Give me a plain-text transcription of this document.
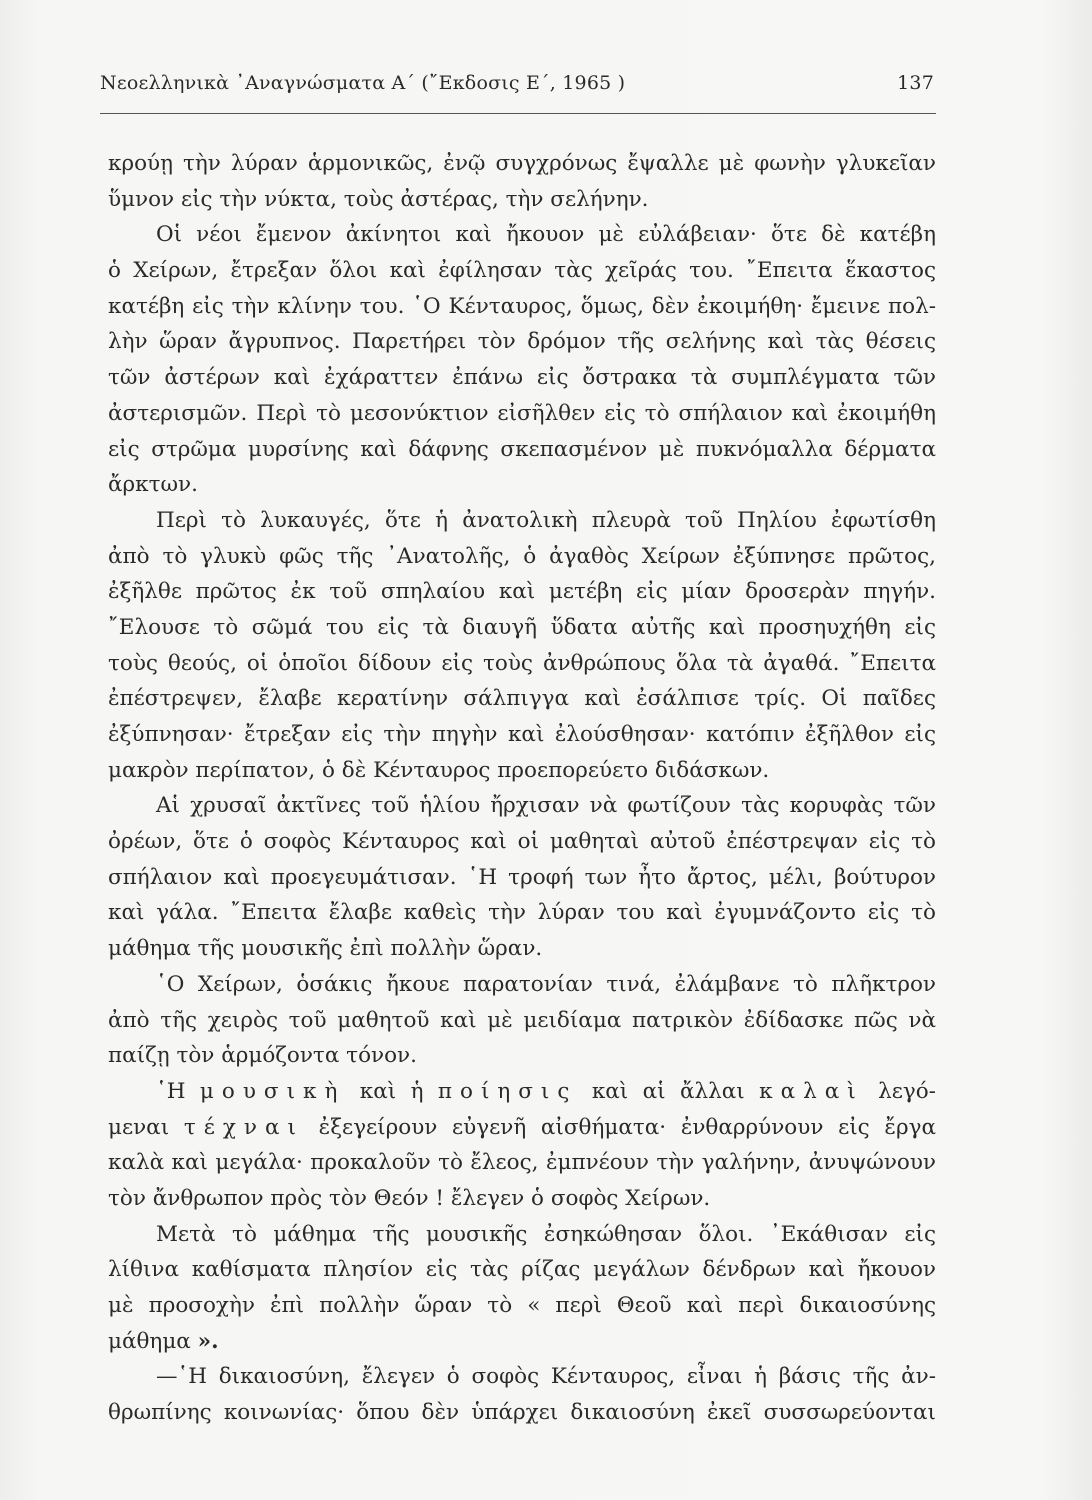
Νεοελληνικὰ ᾿Αναγνώσματα Α΄ (῎Εκδοσις Ε΄, 1965 )	137
κρούῃ τὴν λύραν ἁρμονικῶς, ἐνῷ συγχρόνως ἔψαλλε μὲ φωνὴν γλυκεῖαν
ὕμνον εἰς τὴν νύκτα, τοὺς ἀστέρας, τὴν σελήνην.
Οἱ νέοι ἔμενον ἀκίνητοι καὶ ἤκουον μὲ εὐλάβειαν· ὅτε δὲ κατέβη
ὁ Χείρων, ἔτρεξαν ὅλοι καὶ ἐφίλησαν τὰς χεῖράς του. ῎Επειτα ἕκαστος
κατέβη εἰς τὴν κλίνην του. ῾Ο Κένταυρος, ὅμως, δὲν ἐκοιμήθη· ἔμεινε πολ-
λὴν ὥραν ἄγρυπνος. Παρετήρει τὸν δρόμον τῆς σελήνης καὶ τὰς θέσεις
τῶν ἀστέρων καὶ ἐχάραττεν ἐπάνω εἰς ὄστρακα τὰ συμπλέγματα τῶν
ἀστερισμῶν. Περὶ τὸ μεσονύκτιον εἰσῆλθεν εἰς τὸ σπήλαιον καὶ ἐκοιμήθη
εἰς στρῶμα μυρσίνης καὶ δάφνης σκεπασμένον μὲ πυκνόμαλλα δέρματα
ἄρκτων.
Περὶ τὸ λυκαυγές, ὅτε ἡ ἀνατολικὴ πλευρὰ τοῦ Πηλίου ἐφωτίσθη
ἀπὸ τὸ γλυκὺ φῶς τῆς ᾿Ανατολῆς, ὁ ἀγαθὸς Χείρων ἐξύπνησε πρῶτος,
ἐξῆλθε πρῶτος ἐκ τοῦ σπηλαίου καὶ μετέβη εἰς μίαν δροσερὰν πηγήν.
῎Ελουσε τὸ σῶμά του εἰς τὰ διαυγῆ ὕδατα αὐτῆς καὶ προσηυχήθη εἰς
τοὺς θεούς, οἱ ὁποῖοι δίδουν εἰς τοὺς ἀνθρώπους ὅλα τὰ ἀγαθά. ῎Επειτα
ἐπέστρεψεν, ἔλαβε κερατίνην σάλπιγγα καὶ ἐσάλπισε τρίς. Οἱ παῖδες
ἐξύπνησαν· ἔτρεξαν εἰς τὴν πηγὴν καὶ ἐλούσθησαν· κατόπιν ἐξῆλθον εἰς
μακρὸν περίπατον, ὁ δὲ Κένταυρος προεπορεύετο διδάσκων.
Αἱ χρυσαῖ ἀκτῖνες τοῦ ἡλίου ἤρχισαν νὰ φωτίζουν τὰς κορυφὰς τῶν
ὀρέων, ὅτε ὁ σοφὸς Κένταυρος καὶ οἱ μαθηταὶ αὐτοῦ ἐπέστρεψαν εἰς τὸ
σπήλαιον καὶ προεγευμάτισαν. ῾Η τροφή των ἦτο ἄρτος, μέλι, βούτυρον
καὶ γάλα. ῎Επειτα ἔλαβε καθεὶς τὴν λύραν του καὶ ἐγυμνάζοντο εἰς τὸ
μάθημα τῆς μουσικῆς ἐπὶ πολλὴν ὥραν.
῾Ο Χείρων, ὁσάκις ἤκουε παρατονίαν τινά, ἐλάμβανε τὸ πλῆκτρον
ἀπὸ τῆς χειρὸς τοῦ μαθητοῦ καὶ μὲ μειδίαμα πατρικὸν ἐδίδασκε πῶς νὰ
παίζῃ τὸν ἁρμόζοντα τόνον.
῾Η μουσικὴ καὶ ἡ ποίησις καὶ αἱ ἄλλαι καλαὶ λεγό-
μεναι τέχναι ἐξεγείρουν εὐγενῆ αἰσθήματα· ἐνθαρρύνουν εἰς ἔργα
καλὰ καὶ μεγάλα· προκαλοῦν τὸ ἔλεος, ἐμπνέουν τὴν γαλήνην, ἀνυψώνουν
τὸν ἄνθρωπον πρὸς τὸν Θεόν ! ἔλεγεν ὁ σοφὸς Χείρων.
Μετὰ τὸ μάθημα τῆς μουσικῆς ἐσηκώθησαν ὅλοι. ᾿Εκάθισαν εἰς
λίθινα καθίσματα πλησίον εἰς τὰς ρίζας μεγάλων δένδρων καὶ ἤκουον
μὲ προσοχὴν ἐπὶ πολλὴν ὥραν τὸ « περὶ Θεοῦ καὶ περὶ δικαιοσύνης
μάθημα ».
—῾Η δικαιοσύνη, ἔλεγεν ὁ σοφὸς Κένταυρος, εἶναι ἡ βάσις τῆς ἀν-
θρωπίνης κοινωνίας· ὅπου δὲν ὑπάρχει δικαιοσύνη ἐκεῖ συσσωρεύονται
